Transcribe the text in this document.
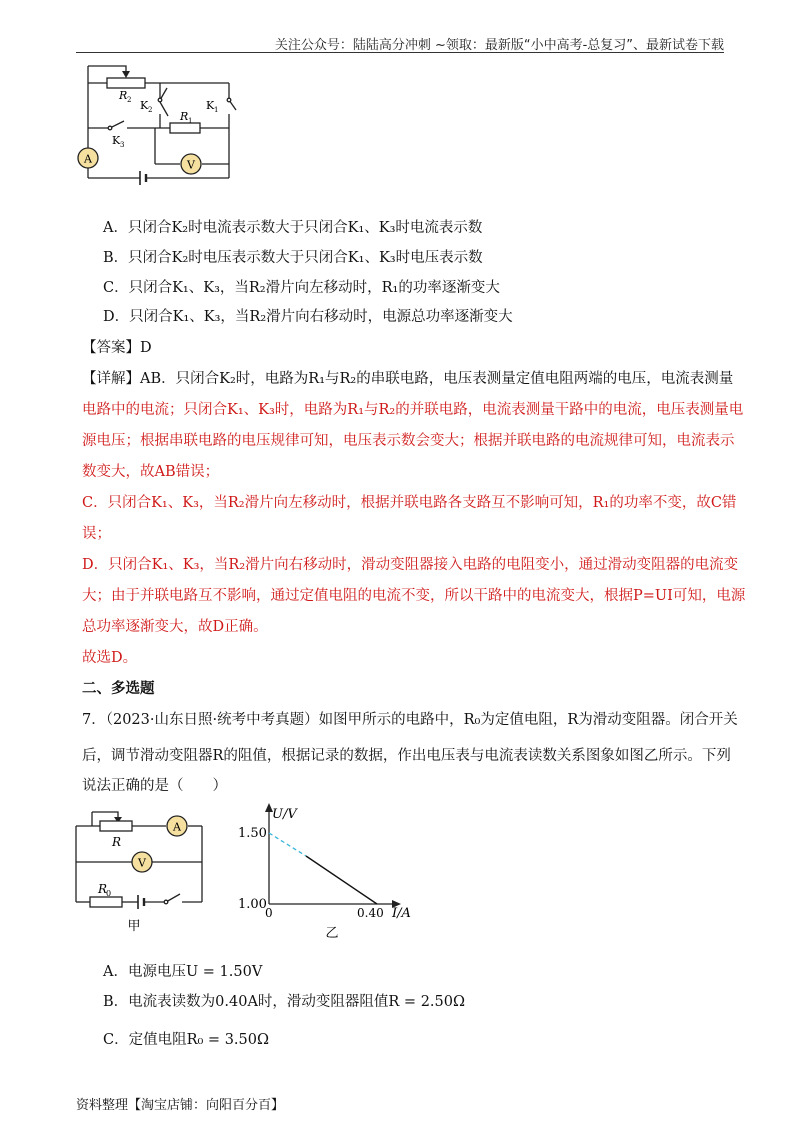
关注公众号：陆陆高分冲刺 ~领取：最新版“小中高考-总复习”、最新试卷下载
A	V
R 2 K 2	K 1
R 1
K 3
A．只闭合K₂时电流表示数大于只闭合K₁、K₃时电流表示数
B．只闭合K₂时电压表示数大于只闭合K₁、K₃时电压表示数
C．只闭合K₁、K₃，当R₂滑片向左移动时，R₁的功率逐渐变大
D．只闭合K₁、K₃，当R₂滑片向右移动时，电源总功率逐渐变大
【答案】D
【详解】AB．只闭合K₂时，电路为R₁与R₂的串联电路，电压表测量定值电阻两端的电压，电流表测量
电路中的电流；只闭合K₁、K₃时，电路为R₁与R₂的并联电路，电流表测量干路中的电流，电压表测量电
源电压；根据串联电路的电压规律可知，电压表示数会变大；根据并联电路的电流规律可知，电流表示
数变大，故AB错误；
C．只闭合K₁、K₃，当R₂滑片向左移动时，根据并联电路各支路互不影响可知，R₁的功率不变，故C错
误；
D．只闭合K₁、K₃，当R₂滑片向右移动时，滑动变阻器接入电路的电阻变小，通过滑动变阻器的电流变
大；由于并联电路互不影响，通过定值电阻的电流不变，所以干路中的电流变大，根据P=UI可知，电源
总功率逐渐变大，故D正确。
故选D。
二、多选题
7．（2023·山东日照·统考中考真题）如图甲所示的电路中，R₀为定值电阻，R为滑动变阻器。闭合开关
后，调节滑动变阻器R的阻值，根据记录的数据，作出电压表与电流表读数关系图象如图乙所示。下列
说法正确的是（　　）
A
V
R
R
0
甲
U/V
1.50
1.00
0	0.40 I/A
乙
A．电源电压U = 1.50V
B．电流表读数为0.40A时，滑动变阻器阻值R = 2.50Ω
C．定值电阻R₀ = 3.50Ω
资料整理【淘宝店铺：向阳百分百】
